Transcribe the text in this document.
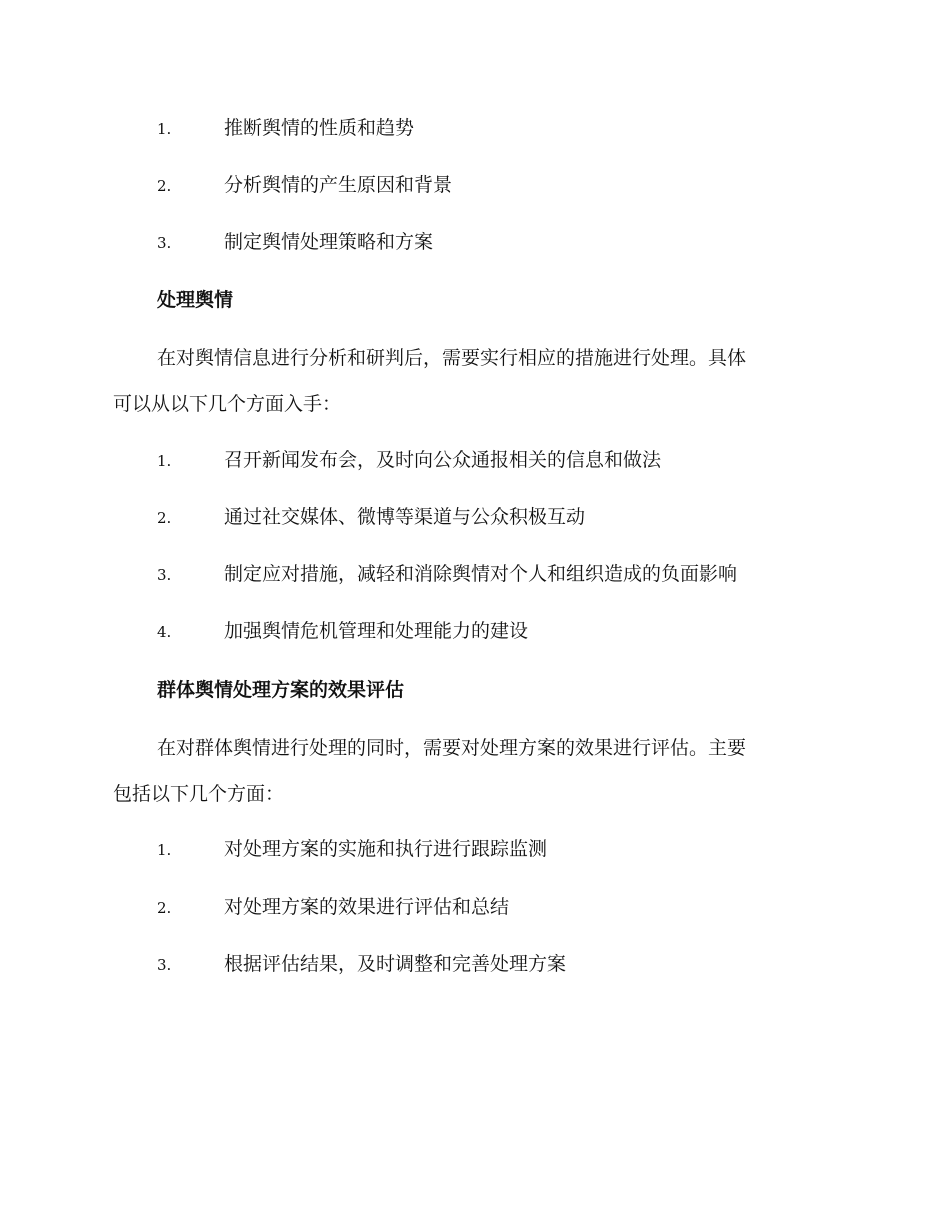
1.	推断舆情的性质和趋势
2.	分析舆情的产生原因和背景
3.	制定舆情处理策略和方案
处理舆情
在对舆情信息进行分析和研判后，需要实行相应的措施进行处理。具体
可以从以下几个方面入手：
1.	召开新闻发布会，及时向公众通报相关的信息和做法
2.	通过社交媒体、微博等渠道与公众积极互动
3.	制定应对措施，减轻和消除舆情对个人和组织造成的负面影响
4.	加强舆情危机管理和处理能力的建设
群体舆情处理方案的效果评估
在对群体舆情进行处理的同时，需要对处理方案的效果进行评估。主要
包括以下几个方面：
1.	对处理方案的实施和执行进行跟踪监测
2.	对处理方案的效果进行评估和总结
3.	根据评估结果，及时调整和完善处理方案
